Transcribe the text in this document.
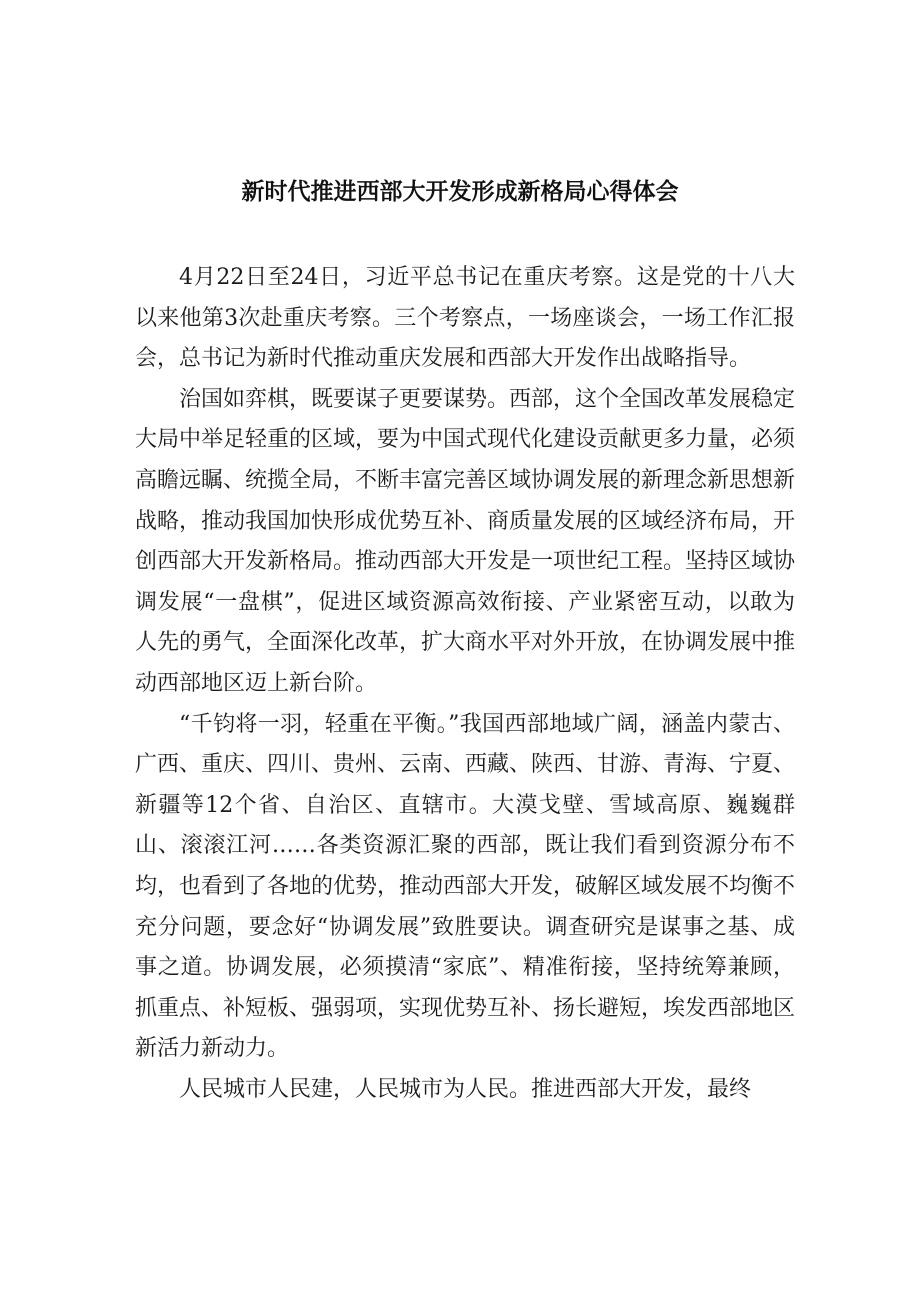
新时代推进西部大开发形成新格局心得体会

4月22日至24日，习近平总书记在重庆考察。这是党的十八大以来他第3次赴重庆考察。三个考察点，一场座谈会，一场工作汇报会，总书记为新时代推动重庆发展和西部大开发作出战略指导。

治国如弈棋，既要谋子更要谋势。西部，这个全国改革发展稳定大局中举足轻重的区域，要为中国式现代化建设贡献更多力量，必须高瞻远瞩、统揽全局，不断丰富完善区域协调发展的新理念新思想新战略，推动我国加快形成优势互补、商质量发展的区域经济布局，开创西部大开发新格局。推动西部大开发是一项世纪工程。坚持区域协调发展“一盘棋”，促进区域资源高效衔接、产业紧密互动，以敢为人先的勇气，全面深化改革，扩大商水平对外开放，在协调发展中推动西部地区迈上新台阶。

“千钧将一羽，轻重在平衡。”我国西部地域广阔，涵盖内蒙古、广西、重庆、四川、贵州、云南、西藏、陕西、甘游、青海、宁夏、新疆等12个省、自治区、直辖市。大漠戈壁、雪域高原、巍巍群山、滚滚江河……各类资源汇聚的西部，既让我们看到资源分布不均，也看到了各地的优势，推动西部大开发，破解区域发展不均衡不充分问题，要念好“协调发展”致胜要诀。调查研究是谋事之基、成事之道。协调发展，必须摸清“家底”、精准衔接，坚持统筹兼顾，抓重点、补短板、强弱项，实现优势互补、扬长避短，埃发西部地区新活力新动力。

人民城市人民建，人民城市为人民。推进西部大开发，最终
